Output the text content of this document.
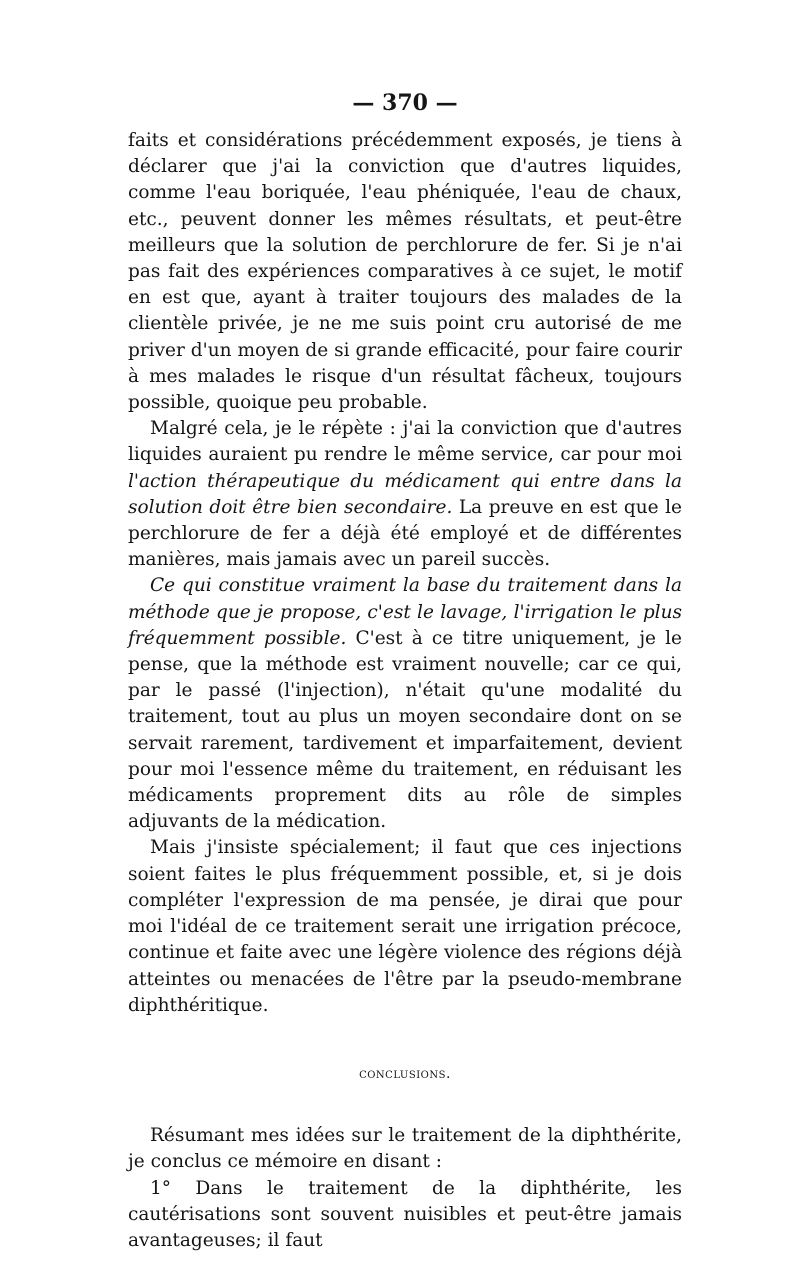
— 370 —

faits et considérations précédemment exposés, je tiens à déclarer que j'ai la conviction que d'autres liquides, comme l'eau boriquée, l'eau phéniquée, l'eau de chaux, etc., peuvent donner les mêmes résultats, et peut-être meilleurs que la solution de perchlorure de fer. Si je n'ai pas fait des expériences comparatives à ce sujet, le motif en est que, ayant à traiter toujours des malades de la clientèle privée, je ne me suis point cru autorisé de me priver d'un moyen de si grande efficacité, pour faire courir à mes malades le risque d'un résultat fâcheux, toujours possible, quoique peu probable.

Malgré cela, je le répète : j'ai la conviction que d'autres liquides auraient pu rendre le même service, car pour moi l'action thérapeutique du médicament qui entre dans la solution doit être bien secondaire. La preuve en est que le perchlorure de fer a déjà été employé et de différentes manières, mais jamais avec un pareil succès.

Ce qui constitue vraiment la base du traitement dans la méthode que je propose, c'est le lavage, l'irrigation le plus fréquemment possible. C'est à ce titre uniquement, je le pense, que la méthode est vraiment nouvelle; car ce qui, par le passé (l'injection), n'était qu'une modalité du traitement, tout au plus un moyen secondaire dont on se servait rarement, tardivement et imparfaitement, devient pour moi l'essence même du traitement, en réduisant les médicaments proprement dits au rôle de simples adjuvants de la médication.

Mais j'insiste spécialement; il faut que ces injections soient faites le plus fréquemment possible, et, si je dois compléter l'expression de ma pensée, je dirai que pour moi l'idéal de ce traitement serait une irrigation précoce, continue et faite avec une légère violence des régions déjà atteintes ou menacées de l'être par la pseudo-membrane diphthéritique.

conclusions.

Résumant mes idées sur le traitement de la diphthérite, je conclus ce mémoire en disant :

1° Dans le traitement de la diphthérite, les cautérisations sont souvent nuisibles et peut-être jamais avantageuses; il faut
